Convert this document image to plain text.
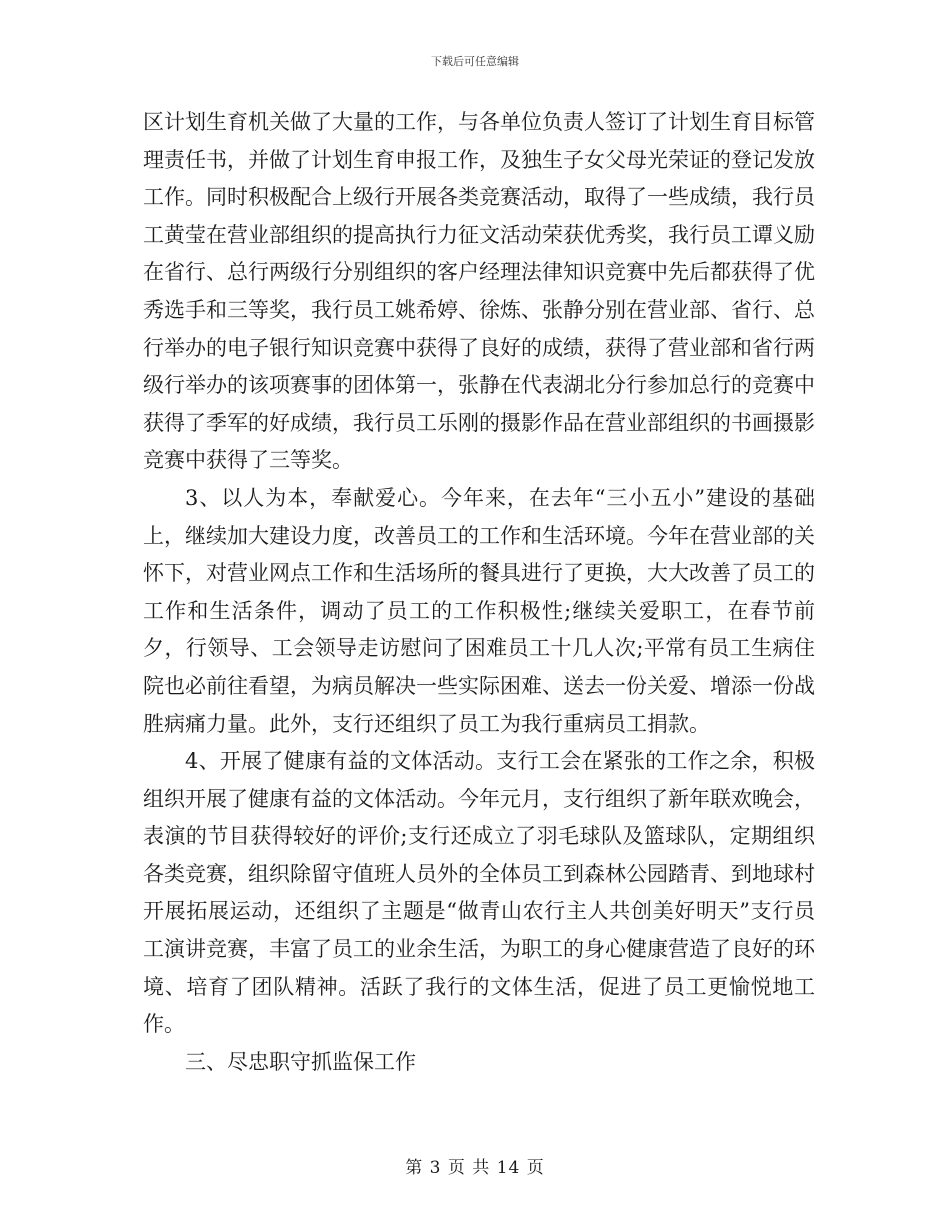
下载后可任意编辑

区计划生育机关做了大量的工作，与各单位负责人签订了计划生育目标管理责任书，并做了计划生育申报工作，及独生子女父母光荣证的登记发放工作。同时积极配合上级行开展各类竞赛活动，取得了一些成绩，我行员工黄莹在营业部组织的提高执行力征文活动荣获优秀奖，我行员工谭义励在省行、总行两级行分别组织的客户经理法律知识竞赛中先后都获得了优秀选手和三等奖，我行员工姚希婷、徐炼、张静分别在营业部、省行、总行举办的电子银行知识竞赛中获得了良好的成绩，获得了营业部和省行两级行举办的该项赛事的团体第一，张静在代表湖北分行参加总行的竞赛中获得了季军的好成绩，我行员工乐刚的摄影作品在营业部组织的书画摄影竞赛中获得了三等奖。

3、以人为本，奉献爱心。今年来，在去年“三小五小”建设的基础上，继续加大建设力度，改善员工的工作和生活环境。今年在营业部的关怀下，对营业网点工作和生活场所的餐具进行了更换，大大改善了员工的工作和生活条件，调动了员工的工作积极性;继续关爱职工，在春节前夕，行领导、工会领导走访慰问了困难员工十几人次;平常有员工生病住院也必前往看望，为病员解决一些实际困难、送去一份关爱、增添一份战胜病痛力量。此外，支行还组织了员工为我行重病员工捐款。

4、开展了健康有益的文体活动。支行工会在紧张的工作之余，积极组织开展了健康有益的文体活动。今年元月，支行组织了新年联欢晚会，表演的节目获得较好的评价;支行还成立了羽毛球队及篮球队，定期组织各类竞赛，组织除留守值班人员外的全体员工到森林公园踏青、到地球村开展拓展运动，还组织了主题是“做青山农行主人共创美好明天”支行员工演讲竞赛，丰富了员工的业余生活，为职工的身心健康营造了良好的环境、培育了团队精神。活跃了我行的文体生活，促进了员工更愉悦地工作。

三、尽忠职守抓监保工作

第 3 页 共 14 页
